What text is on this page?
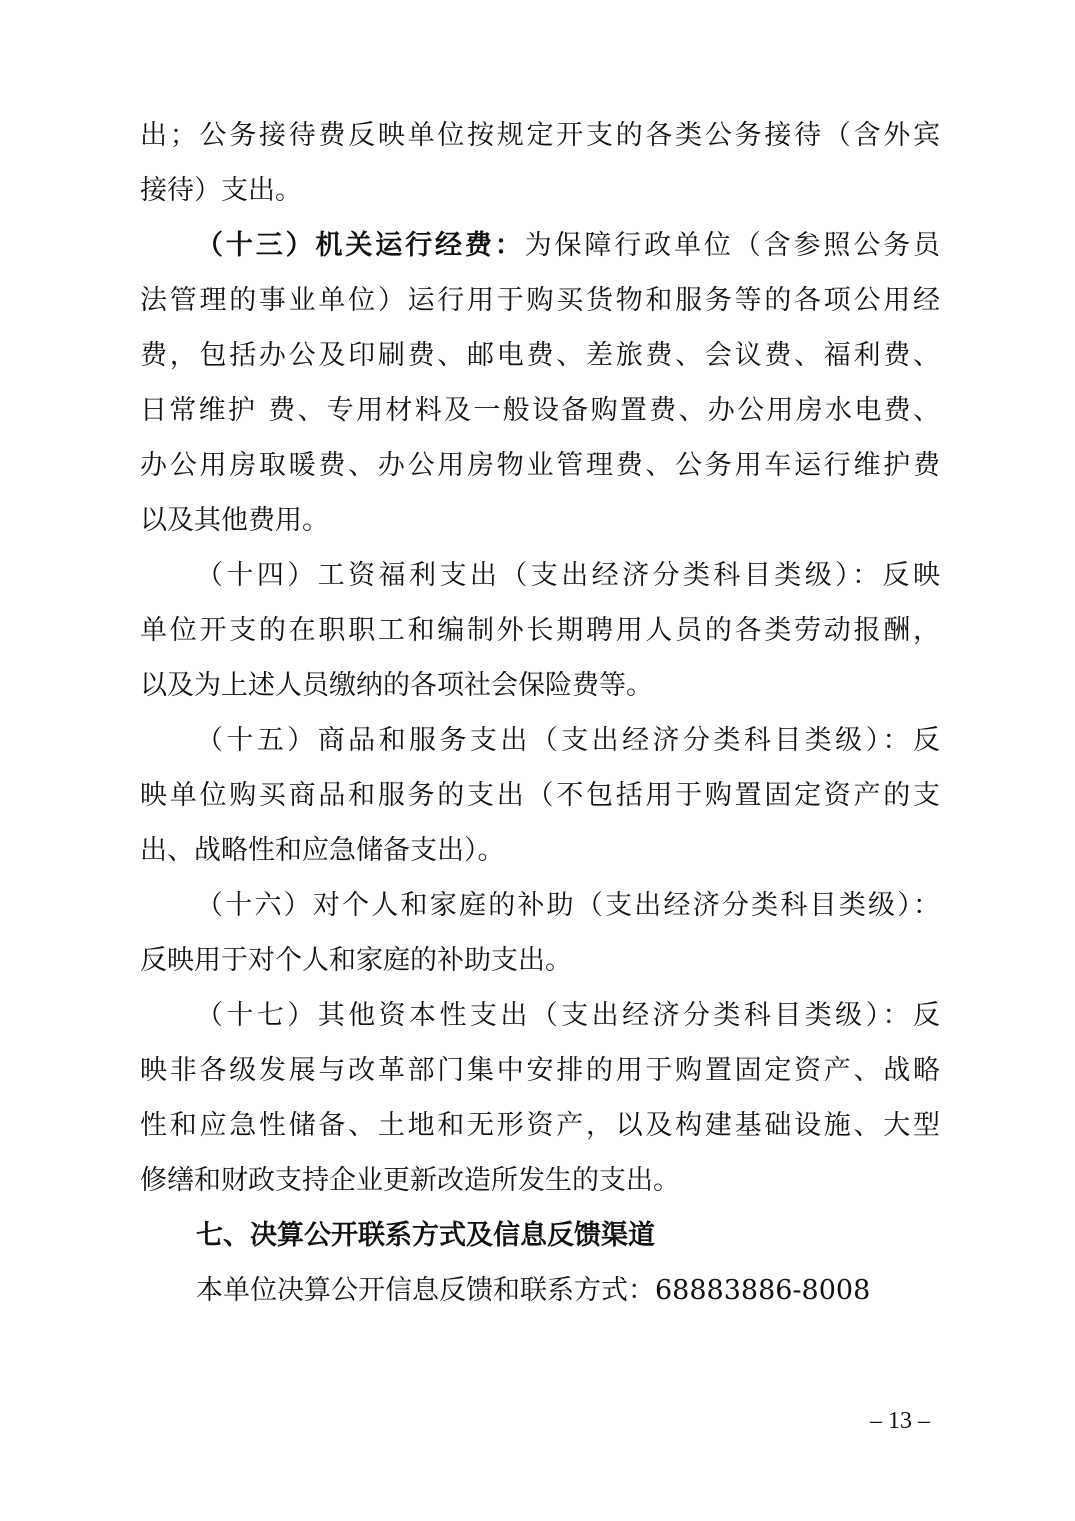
出；公务接待费反映单位按规定开支的各类公务接待（含外宾
接待）支出。
（十三）机关运行经费：为保障行政单位（含参照公务员
法管理的事业单位）运行用于购买货物和服务等的各项公用经
费，包括办公及印刷费、邮电费、差旅费、会议费、福利费、
日常维护 费、专用材料及一般设备购置费、办公用房水电费、
办公用房取暖费、办公用房物业管理费、公务用车运行维护费
以及其他费用。
（十四）工资福利支出（支出经济分类科目类级）：反映
单位开支的在职职工和编制外长期聘用人员的各类劳动报酬，
以及为上述人员缴纳的各项社会保险费等。
（十五）商品和服务支出（支出经济分类科目类级）：反
映单位购买商品和服务的支出（不包括用于购置固定资产的支
出、战略性和应急储备支出）。
（十六）对个人和家庭的补助（支出经济分类科目类级）：
反映用于对个人和家庭的补助支出。
（十七）其他资本性支出（支出经济分类科目类级）：反
映非各级发展与改革部门集中安排的用于购置固定资产、战略
性和应急性储备、土地和无形资产，以及构建基础设施、大型
修缮和财政支持企业更新改造所发生的支出。
七、决算公开联系方式及信息反馈渠道
本单位决算公开信息反馈和联系方式：68883886-8008
– 13 –
